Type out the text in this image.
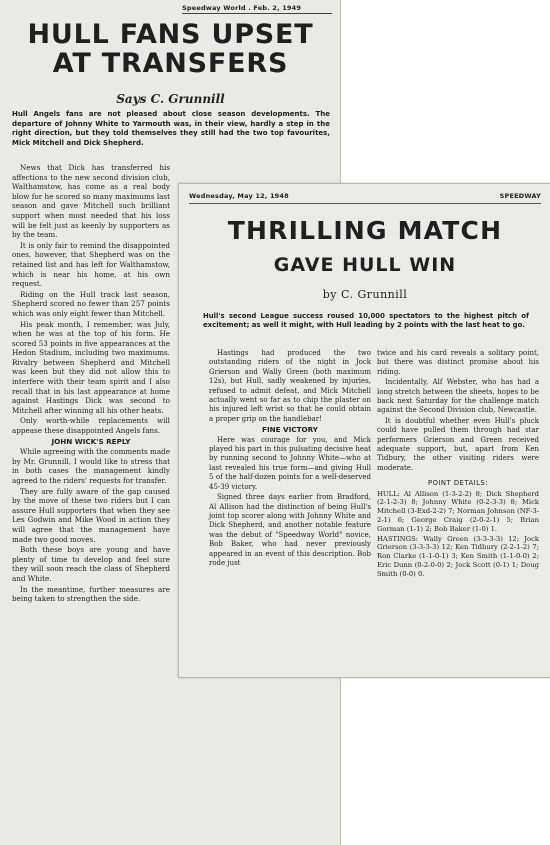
Speedway World . Feb. 2, 1949
HULL FANS UPSET
AT TRANSFERS
Says C. Grunnill
Hull Angels fans are not pleased about close season developments. The departure of Johnny White to Yarmouth was, in their view, hardly a step in the right direction, but they told themselves they still had the two top favourites, Mick Mitchell and Dick Shepherd.

News that Dick has transferred his affections to the new second division club, Walthamstow, has come as a real body blow for he scored so many maximums last season and gave Mitchell such brilliant support when most needed that his loss will be felt just as keenly by supporters as by the team.

It is only fair to remind the disappointed ones, however, that Shepherd was on the retained list and has left for Walthamstow, which is near his home, at his own request.

Riding on the Hull track last season, Shepherd scored no fewer than 257 points which was only eight fewer than Mitchell.

His peak month, I remember, was July, when he was at the top of his form. He scored 53 points in five appearances at the Hedon Stadium, including two maximums. Rivalry between Shepherd and Mitchell was keen but they did not allow this to interfere with their team spirit and I also recall that in his last appearance at home against Hastings Dick was second to Mitchell after winning all his other heats.

Only worth-while replacements will appease these disappointed Angels fans.

JOHN WICK'S REPLY

While agreeing with the comments made by Mr. Grunnill, I would like to stress that in both cases the management kindly agreed to the riders' requests for transfer.

They are fully aware of the gap caused by the move of these two riders but I can assure Hull supporters that when they see Les Godwin and Mike Wood in action they will agree that the management have made two good moves.

Both these boys are young and have plenty of time to develop and feel sure they will soon reach the class of Shepherd and White.

In the meantime, further measures are being taken to strengthen the side.

Wednesday, May 12, 1948	SPEEDWAY
THRILLING MATCH
GAVE HULL WIN
by C. Grunnill
Hull's second League success roused 10,000 spectators to the highest pitch of excitement; as well it might, with Hull leading by 2 points with the last heat to go.

Hastings had produced the two outstanding riders of the night in Jock Grierson and Wally Green (both maximum 12s), but Hull, sadly weakened by injuries, refused to admit defeat, and Mick Mitchell actually went so far as to chip the plaster on his injured left wrist so that he could obtain a proper grip on the handlebar!

FINE VICTORY

Here was courage for you, and Mick played his part in this pulsating decisive heat by running second to Johnny White—who at last revealed his true form—and giving Hull 5 of the half-dozen points for a well-deserved 45-39 victory.

Signed three days earlier from Bradford, Al Allison had the distinction of being Hull's joint top scorer along with Johnny White and Dick Shepherd, and another notable feature was the debut of "Speedway World" novice, Bob Baker, who had never previously appeared in an event of this description. Bob rode just

twice and his card reveals a solitary point, but there was distinct promise about his riding.

Incidentally, Alf Webster, who has had a long stretch between the sheets, hopes to be back next Saturday for the challenge match against the Second Division club, Newcastle.

It is doubtful whether even Hull's pluck could have pulled them through had star performers Grierson and Green received adequate support, but, apart from Ken Tidbury, the other visiting riders were moderate.

POINT DETAILS:

HULL: Al Allison (1-3-2-2) 8; Dick Shepherd (2-1-2-3) 8; Johnny White (0-2-3-3) 8; Mick Mitchell (3-Exd-2-2) 7; Norman Johnson (NF-3-2-1) 6; George Craig (2-0-2-1) 5; Brian Gorman (1-1) 2; Bob Baker (1-0) 1.

HASTINGS: Wally Green (3-3-3-3) 12; Jock Grierson (3-3-3-3) 12; Ken Tidbury (2-2-1-2) 7; Ron Clarke (1-1-0-1) 3; Ken Smith (1-1-0-0) 2; Eric Dunn (0-2-0-0) 2; Jock Scott (0-1) 1; Doug Smith (0-0) 0.
